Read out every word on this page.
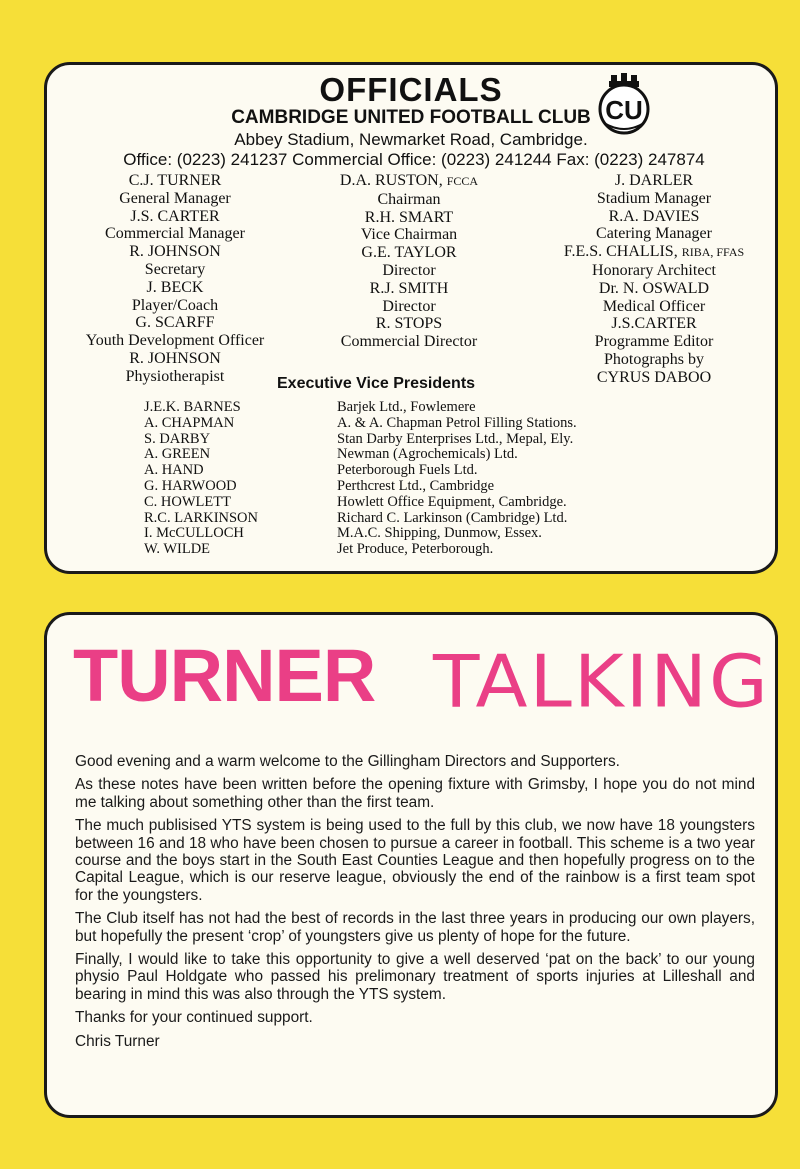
OFFICIALS
CAMBRIDGE UNITED FOOTBALL CLUB
Abbey Stadium, Newmarket Road, Cambridge.
Office: (0223) 241237 Commercial Office: (0223) 241244 Fax: (0223) 247874
CU
C.J. TURNER
General Manager
J.S. CARTER
Commercial Manager
R. JOHNSON
Secretary
J. BECK
Player/Coach
G. SCARFF
Youth Development Officer
R. JOHNSON
Physiotherapist
D.A. RUSTON, FCCA
Chairman
R.H. SMART
Vice Chairman
G.E. TAYLOR
Director
R.J. SMITH
Director
R. STOPS
Commercial Director
J. DARLER
Stadium Manager
R.A. DAVIES
Catering Manager
F.E.S. CHALLIS, RIBA, FFAS
Honorary Architect
Dr. N. OSWALD
Medical Officer
J.S.CARTER
Programme Editor
Photographs by
CYRUS DABOO
Executive Vice Presidents
J.E.K. BARNES
A. CHAPMAN
S. DARBY
A. GREEN
A. HAND
G. HARWOOD
C. HOWLETT
R.C. LARKINSON
I. McCULLOCH
W. WILDE
Barjek Ltd., Fowlemere
A. & A. Chapman Petrol Filling Stations.
Stan Darby Enterprises Ltd., Mepal, Ely.
Newman (Agrochemicals) Ltd.
Peterborough Fuels Ltd.
Perthcrest Ltd., Cambridge
Howlett Office Equipment, Cambridge.
Richard C. Larkinson (Cambridge) Ltd.
M.A.C. Shipping, Dunmow, Essex.
Jet Produce, Peterborough.
TURNER TALKING

Good evening and a warm welcome to the Gillingham Directors and Supporters.

As these notes have been written before the opening fixture with Grimsby, I hope you do not mind me talking about something other than the first team.

The much publisised YTS system is being used to the full by this club, we now have 18 youngsters between 16 and 18 who have been chosen to pursue a career in football. This scheme is a two year course and the boys start in the South East Counties League and then hopefully progress on to the Capital League, which is our reserve league, obviously the end of the rainbow is a first team spot for the youngsters.

The Club itself has not had the best of records in the last three years in producing our own players, but hopefully the present ‘crop’ of youngsters give us plenty of hope for the future.

Finally, I would like to take this opportunity to give a well deserved ‘pat on the back’ to our young physio Paul Holdgate who passed his prelimonary treatment of sports injuries at Lilleshall and bearing in mind this was also through the YTS system.

Thanks for your continued support.

Chris Turner
